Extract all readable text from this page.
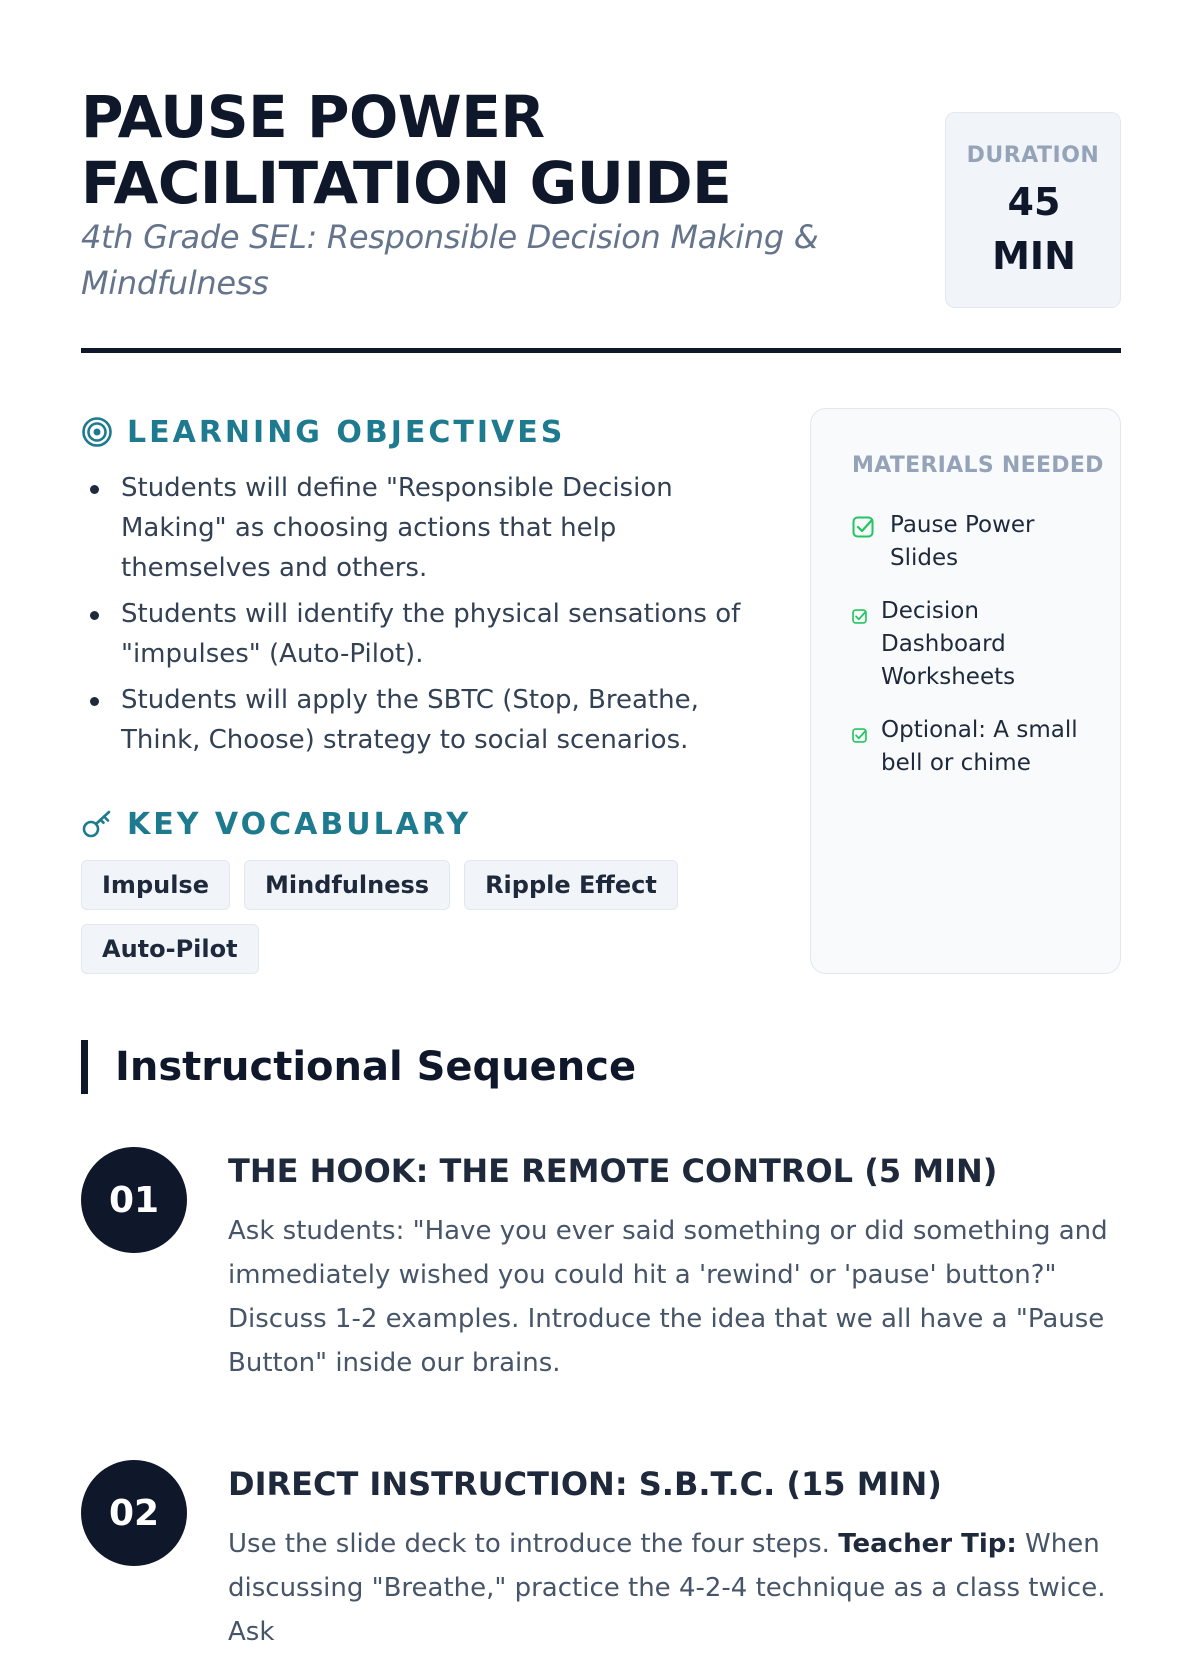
PAUSE POWER FACILITATION GUIDE
4th Grade SEL: Responsible Decision Making & Mindfulness
DURATION
45 MIN
LEARNING OBJECTIVES
Students will define "Responsible Decision Making" as choosing actions that help themselves and others.
Students will identify the physical sensations of "impulses" (Auto-Pilot).
Students will apply the SBTC (Stop, Breathe, Think, Choose) strategy to social scenarios.
KEY VOCABULARY
Impulse	Mindfulness	Ripple Effect
Auto-Pilot
MATERIALS NEEDED
Pause Power Slides
Decision Dashboard Worksheets
Optional: A small bell or chime
Instructional Sequence
01
THE HOOK: THE REMOTE CONTROL (5 MIN)
Ask students: "Have you ever said something or did something and immediately wished you could hit a 'rewind' or 'pause' button?" Discuss 1-2 examples. Introduce the idea that we all have a "Pause Button" inside our brains.
02
DIRECT INSTRUCTION: S.B.T.C. (15 MIN)
Use the slide deck to introduce the four steps. Teacher Tip: When discussing "Breathe," practice the 4-2-4 technique as a class twice. Ask
